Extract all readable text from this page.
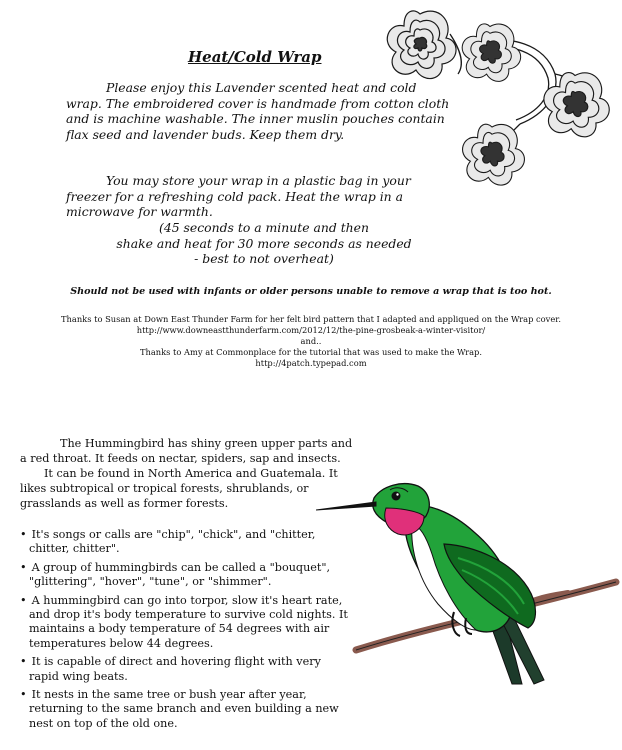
Heat/Cold Wrap
Please enjoy this Lavender scented heat and cold wrap. The embroidered cover is handmade from cotton cloth and is machine washable. The inner muslin pouches contain flax seed and lavender buds. Keep them dry.
You may store your wrap in a plastic bag in your freezer for a refreshing cold pack. Heat the wrap in a microwave for warmth.
(45 seconds to a minute and then
shake and heat for 30 more seconds as needed
- best to not overheat)
Should not be used with infants or older persons unable to remove a wrap that is too hot.
Thanks to Susan at Down East Thunder Farm for her felt bird pattern that I adapted and appliqued on the Wrap cover.
http://www.downeastthunderfarm.com/2012/12/the-pine-grosbeak-a-winter-visitor/
and..
Thanks to Amy at Commonplace for the tutorial that was used to make the Wrap.
http://4patch.typepad.com
The Hummingbird has shiny green upper parts and a red throat. It feeds on nectar, spiders, sap and insects.
It can be found in North America and Guatemala. It likes subtropical or tropical forests, shrublands, or grasslands as well as former forests.
• It's songs or calls are "chip", "chick", and "chitter, chitter, chitter".
• A group of hummingbirds can be called a "bouquet", "glittering", "hover", "tune", or "shimmer".
• A hummingbird can go into torpor, slow it's heart rate, and drop it's body temperature to survive cold nights. It maintains a body temperature of 54 degrees with air temperatures below 44 degrees.
• It is capable of direct and hovering flight with very rapid wing beats.
• It nests in the same tree or bush year after year, returning to the same branch and even building a new nest on top of the old one.
